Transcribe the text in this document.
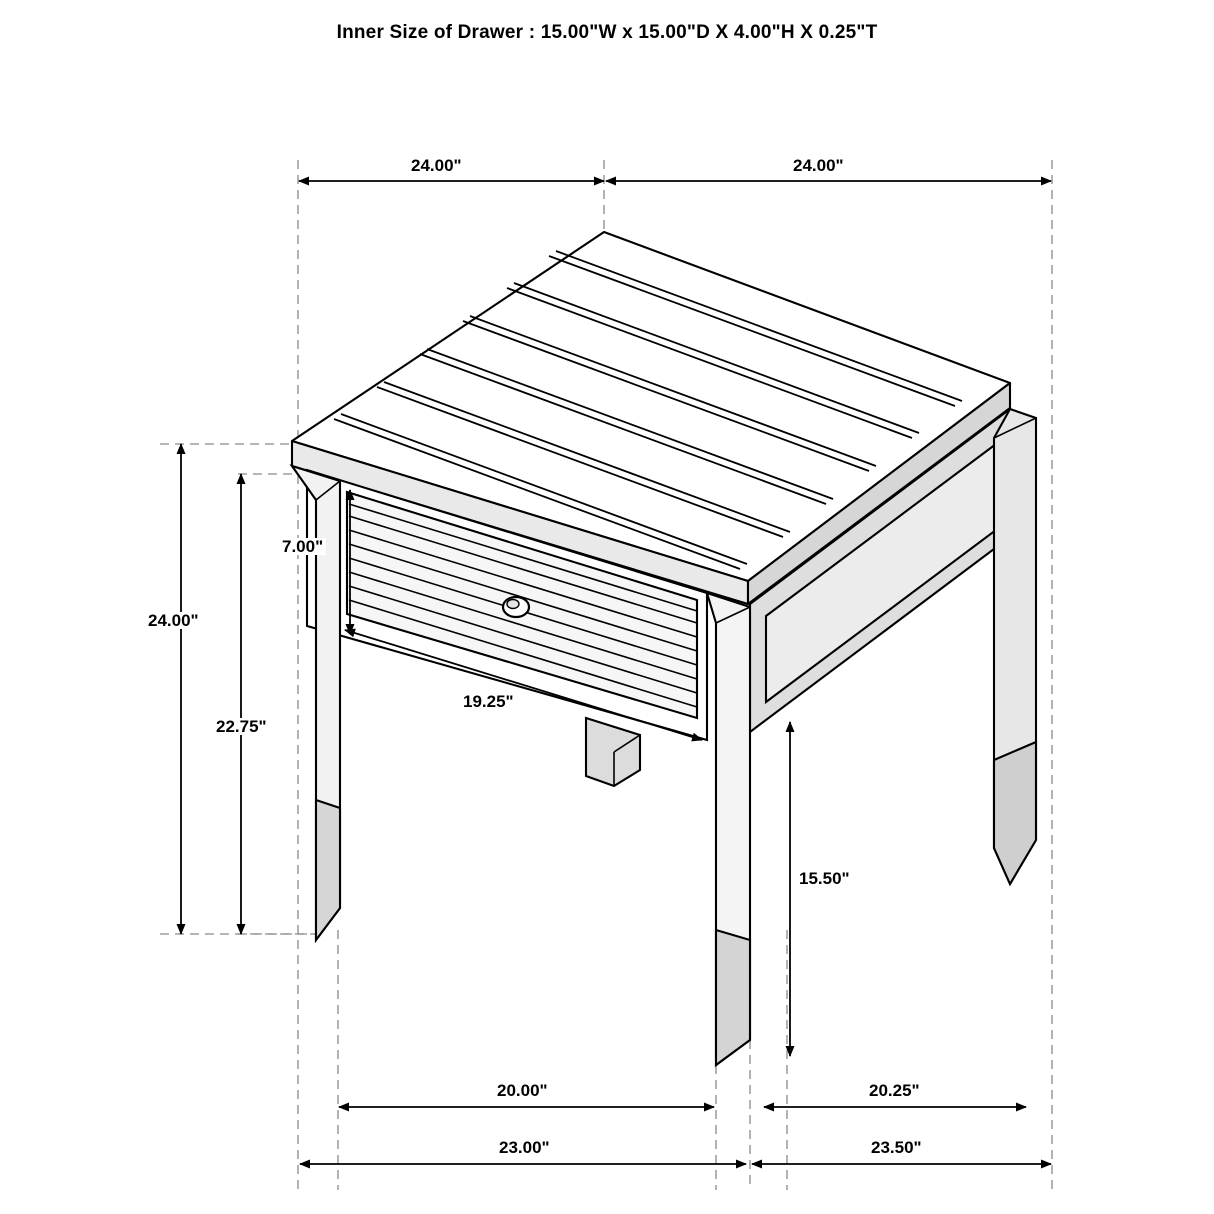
Inner Size of Drawer : 15.00"W x 15.00"D X 4.00"H X 0.25"T
24.00"	24.00"
7.00"
24.00"
22.75"
19.25"
15.50"
20.00"	20.25"
23.00"	23.50"
